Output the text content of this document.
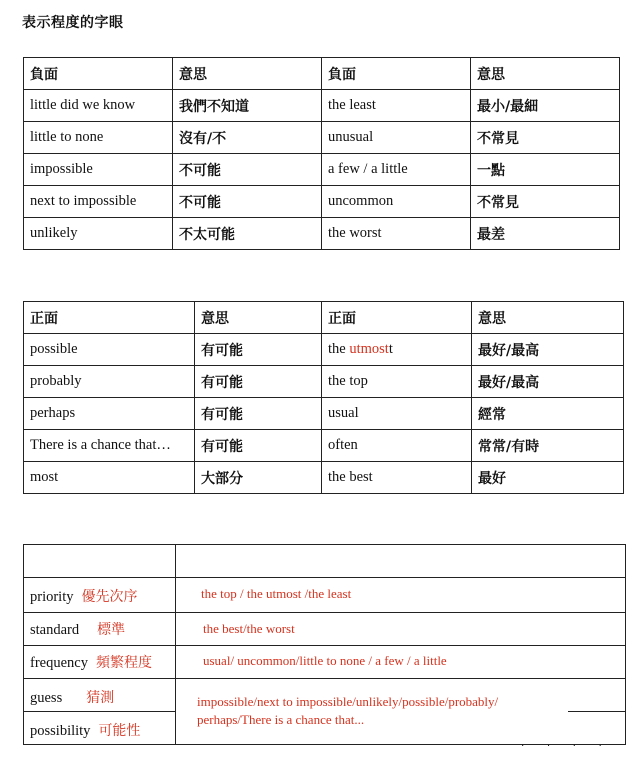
表示程度的字眼
負面	意思	負面	意思
little did we know	我們不知道	the least	最小/最細
little to none	沒有/不	unusual	不常見
impossible	不可能	a few / a little	一點
next to impossible	不可能	uncommon	不常見
unlikely	不太可能	the worst	最差
正面	意思	正面	意思
possible	有可能	the utmostt	最好/最高
probably	有可能	the top	最好/最高
perhaps	有可能	usual	經常
There is a chance that…	有可能	often	常常/有時
most	大部分	the best	最好
priority 優先次序	the top / the utmost /the least
standard 標準	the best/the worst
frequency 頻繁程度	usual/ uncommon/little to none / a few / a little
guess 猜測
possibility 可能性
impossible/next to impossible/unlikely/possible/probably/
perhaps/There is a chance that...
· · · ·
